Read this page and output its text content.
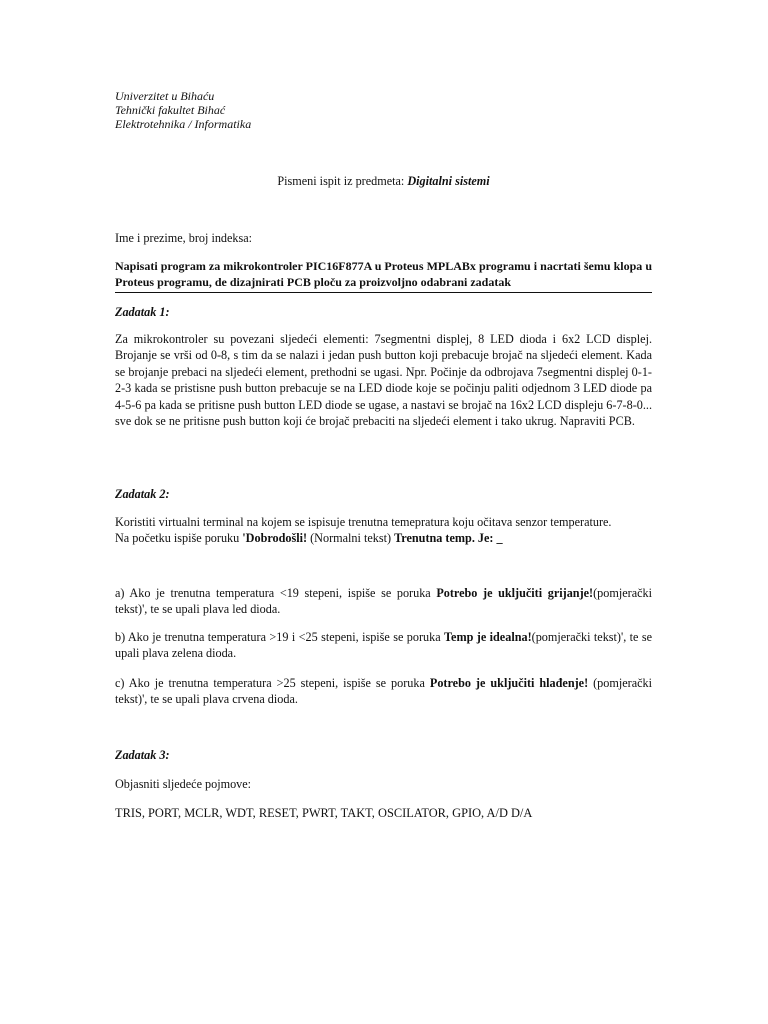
Univerzitet u Bihaću
Tehnički fakultet Bihać
Elektrotehnika / Informatika
Pismeni ispit iz predmeta: Digitalni sistemi
Ime i prezime, broj indeksa:
Napisati program za mikrokontroler PIC16F877A u Proteus MPLABx programu i nacrtati šemu klopa u Proteus programu, de dizajnirati PCB ploču za proizvoljno odabrani zadatak
Zadatak 1:
Za mikrokontroler su povezani sljedeći elementi: 7segmentni displej, 8 LED dioda i 6x2 LCD displej. Brojanje se vrši od 0-8, s tim da se nalazi i jedan push button koji prebacuje brojač na sljedeći element. Kada se brojanje prebaci na sljedeći element, prethodni se ugasi. Npr. Počinje da odbrojava 7segmentni displej 0-1-2-3 kada se pristisne push button prebacuje se na LED diode koje se počinju paliti odjednom 3 LED diode pa 4-5-6 pa kada se pritisne push button LED diode se ugase, a nastavi se brojač na 16x2 LCD displeju 6-7-8-0... sve dok se ne pritisne push button koji će brojač prebaciti na sljedeći element i tako ukrug. Napraviti PCB.
Zadatak 2:
Koristiti virtualni terminal na kojem se ispisuje trenutna temepratura koju očitava senzor temperature.
Na početku ispiše poruku 'Dobrodošli! (Normalni tekst) Trenutna temp. Je: _
a) Ako je trenutna temperatura <19 stepeni, ispiše se poruka Potrebo je uključiti grijanje!(pomjerački tekst)', te se upali plava led dioda.
b) Ako je trenutna temperatura >19 i <25 stepeni, ispiše se poruka Temp je idealna!(pomjerački tekst)', te se upali plava zelena dioda.
c) Ako je trenutna temperatura >25 stepeni, ispiše se poruka Potrebo je uključiti hlađenje! (pomjerački tekst)', te se upali plava crvena dioda.
Zadatak 3:
Objasniti sljedeće pojmove:
TRIS, PORT, MCLR, WDT, RESET, PWRT, TAKT, OSCILATOR, GPIO, A/D D/A
